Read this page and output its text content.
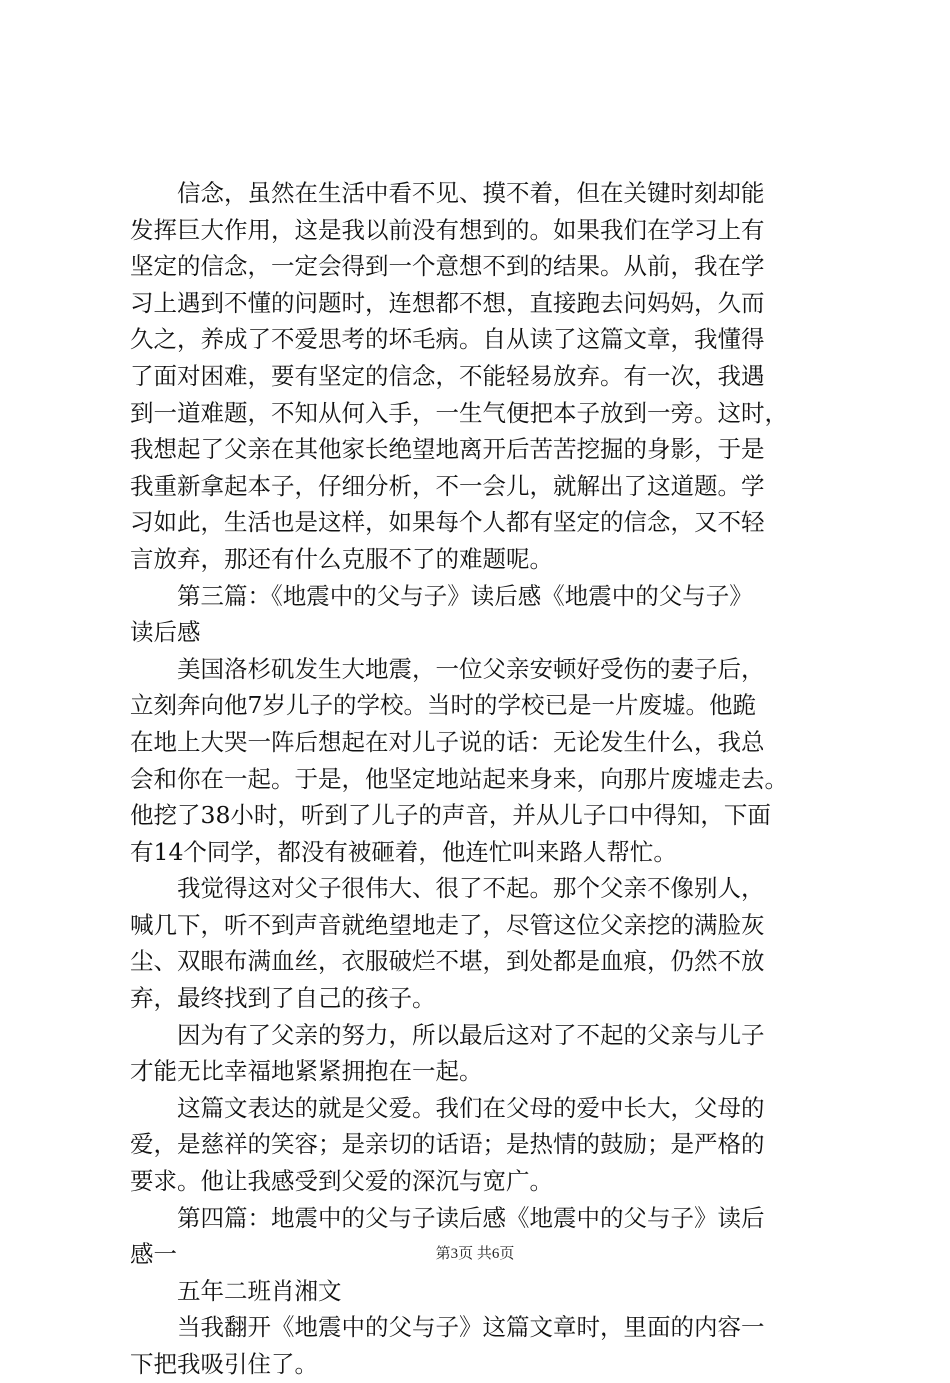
　　信念，虽然在生活中看不见、摸不着，但在关键时刻却能
发挥巨大作用，这是我以前没有想到的。如果我们在学习上有
坚定的信念，一定会得到一个意想不到的结果。从前，我在学
习上遇到不懂的问题时，连想都不想，直接跑去问妈妈，久而
久之，养成了不爱思考的坏毛病。自从读了这篇文章，我懂得
了面对困难，要有坚定的信念，不能轻易放弃。有一次，我遇
到一道难题，不知从何入手，一生气便把本子放到一旁。这时，
我想起了父亲在其他家长绝望地离开后苦苦挖掘的身影，于是
我重新拿起本子，仔细分析，不一会儿，就解出了这道题。学
习如此，生活也是这样，如果每个人都有坚定的信念，又不轻
言放弃，那还有什么克服不了的难题呢。
　　第三篇：《地震中的父与子》读后感《地震中的父与子》
读后感
　　美国洛杉矶发生大地震，一位父亲安顿好受伤的妻子后，
立刻奔向他7岁儿子的学校。当时的学校已是一片废墟。他跪
在地上大哭一阵后想起在对儿子说的话：无论发生什么，我总
会和你在一起。于是，他坚定地站起来身来，向那片废墟走去。
他挖了38小时，听到了儿子的声音，并从儿子口中得知，下面
有14个同学，都没有被砸着，他连忙叫来路人帮忙。
　　我觉得这对父子很伟大、很了不起。那个父亲不像别人，
喊几下，听不到声音就绝望地走了，尽管这位父亲挖的满脸灰
尘、双眼布满血丝，衣服破烂不堪，到处都是血痕，仍然不放
弃，最终找到了自己的孩子。
　　因为有了父亲的努力，所以最后这对了不起的父亲与儿子
才能无比幸福地紧紧拥抱在一起。
　　这篇文表达的就是父爱。我们在父母的爱中长大，父母的
爱，是慈祥的笑容；是亲切的话语；是热情的鼓励；是严格的
要求。他让我感受到父爱的深沉与宽广。
　　第四篇：地震中的父与子读后感《地震中的父与子》读后
感一
　　五年二班肖湘文
　　当我翻开《地震中的父与子》这篇文章时，里面的内容一
下把我吸引住了。
第3页 共6页
